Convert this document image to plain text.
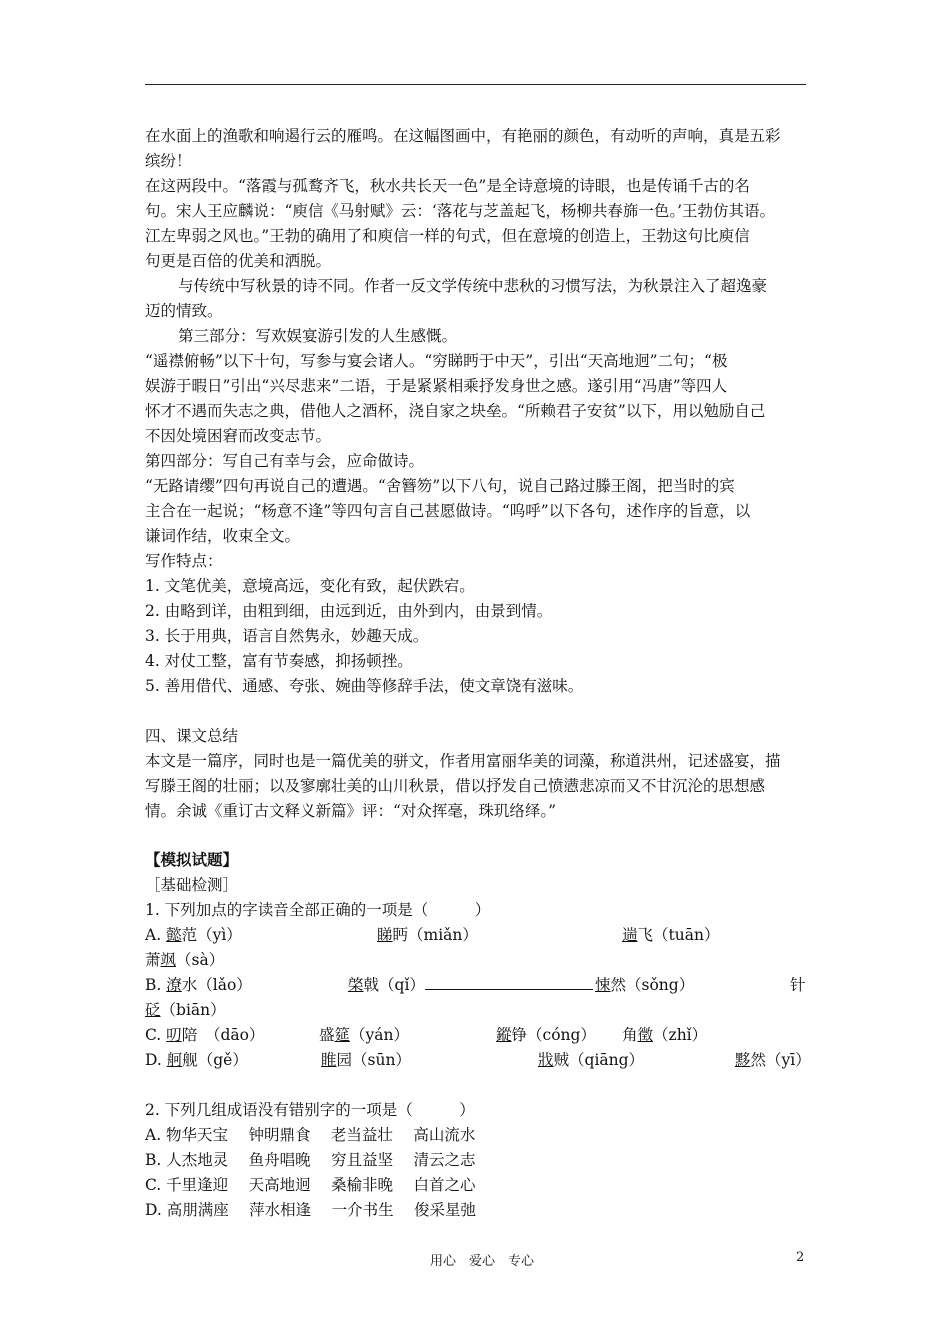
在水面上的渔歌和响遏行云的雁鸣。在这幅图画中，有艳丽的颜色，有动听的声响，真是五彩
缤纷！
在这两段中。“落霞与孤鹜齐飞，秋水共长天一色”是全诗意境的诗眼，也是传诵千古的名
句。宋人王应麟说：“庾信《马射赋》云：‘落花与芝盖起飞，杨柳共春旆一色。’王勃仿其语。
江左卑弱之风也。”王勃的确用了和庾信一样的句式，但在意境的创造上，王勃这句比庾信
句更是百倍的优美和洒脱。
与传统中写秋景的诗不同。作者一反文学传统中悲秋的习惯写法，为秋景注入了超逸豪
迈的情致。
第三部分：写欢娱宴游引发的人生感慨。
“遥襟俯畅”以下十句，写参与宴会诸人。“穷睇眄于中天”，引出“天高地迥”二句；“极
娱游于暇日”引出“兴尽悲来”二语，于是紧紧相乘抒发身世之感。遂引用“冯唐”等四人
怀才不遇而失志之典，借他人之酒杯，浇自家之块垒。“所赖君子安贫”以下，用以勉励自己
不因处境困窘而改变志节。
第四部分：写自己有幸与会，应命做诗。
“无路请缨”四句再说自己的遭遇。“舍簪笏”以下八句，说自己路过滕王阁，把当时的宾
主合在一起说；“杨意不逢”等四句言自己甚愿做诗。“呜呼”以下各句，述作序的旨意，以
谦词作结，收束全文。
写作特点：
1. 文笔优美，意境高远，变化有致，起伏跌宕。
2. 由略到详，由粗到细，由远到近，由外到内，由景到情。
3. 长于用典，语言自然隽永，妙趣天成。
4. 对仗工整，富有节奏感，抑扬顿挫。
5. 善用借代、通感、夸张、婉曲等修辞手法，使文章饶有滋味。
四、课文总结
本文是一篇序，同时也是一篇优美的骈文，作者用富丽华美的词藻，称道洪州，记述盛宴，描
写滕王阁的壮丽；以及寥廓壮美的山川秋景，借以抒发自己愤懑悲凉而又不甘沉沦的思想感
情。余诚《重订古文释义新篇》评：“对众挥毫，珠玑络绎。”
【模拟试题】
［基础检测］
1. 下列加点的字读音全部正确的一项是（　　　）
A. 懿范（yì）	睇眄（miǎn）	遄飞（tuān）
萧飒（sà）
B. 潦水（lǎo）	棨戟（qǐ）	悚然（sǒng）	针
砭（biān）
C. 叨陪　（dāo）	盛筵（yán）	鏦铮（cóng） 角徵（zhǐ）
D. 舸舰（gě）	睢园（sūn）	戕贼（qiāng）	黟然（yī）
2. 下列几组成语没有错别字的一项是（　　　）
A. 物华天宝　 钟明鼎食　 老当益壮　 高山流水
B. 人杰地灵　 鱼舟唱晚　 穷且益坚　 清云之志
C. 千里逢迎　 天高地迥　 桑榆非晚　 白首之心
D. 高朋满座　 萍水相逢　 一介书生　 俊采星弛
用心　爱心　专心	2
